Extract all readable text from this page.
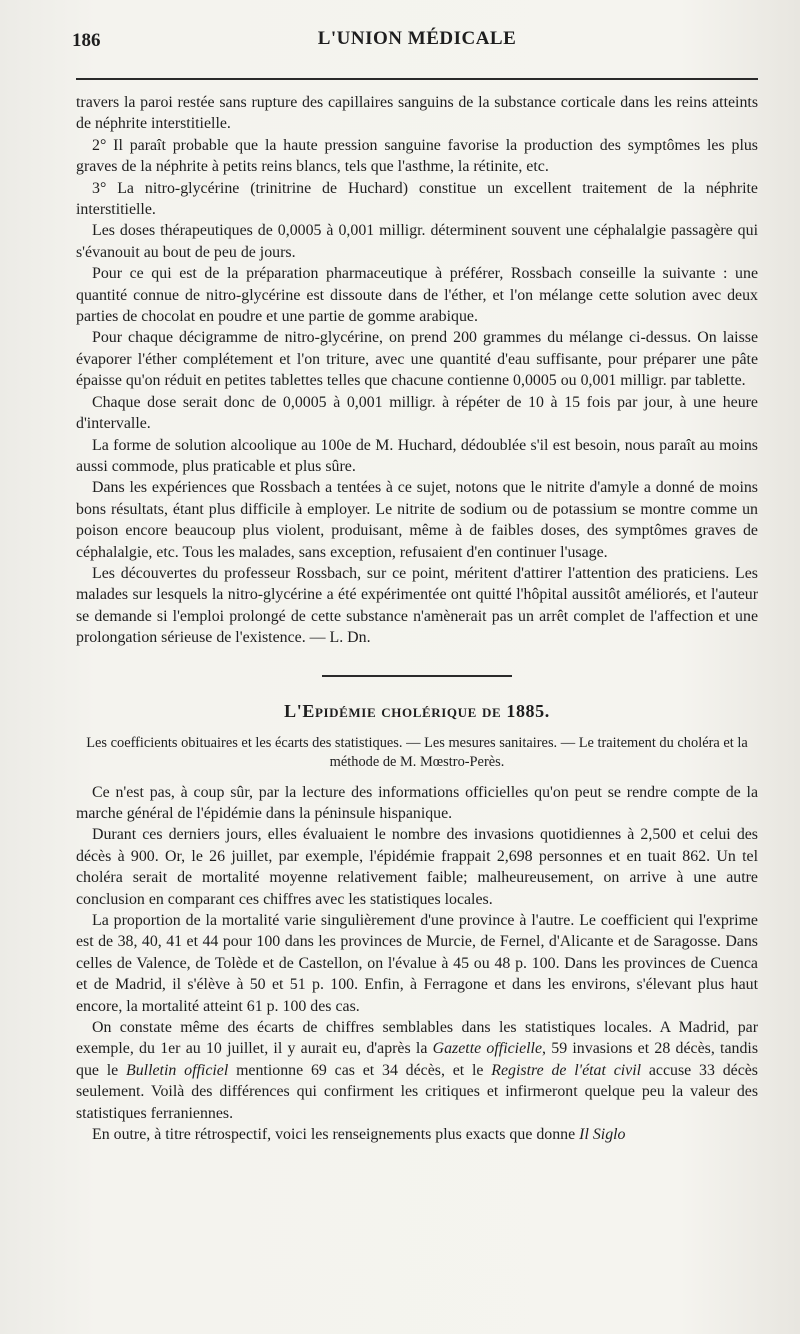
186	L'UNION MÉDICALE

travers la paroi restée sans rupture des capillaires sanguins de la substance corticale dans les reins atteints de néphrite interstitielle.

2° Il paraît probable que la haute pression sanguine favorise la production des symptômes les plus graves de la néphrite à petits reins blancs, tels que l'asthme, la rétinite, etc.

3° La nitro-glycérine (trinitrine de Huchard) constitue un excellent traitement de la néphrite interstitielle.

Les doses thérapeutiques de 0,0005 à 0,001 milligr. déterminent souvent une céphalalgie passagère qui s'évanouit au bout de peu de jours.

Pour ce qui est de la préparation pharmaceutique à préférer, Rossbach conseille la suivante : une quantité connue de nitro-glycérine est dissoute dans de l'éther, et l'on mélange cette solution avec deux parties de chocolat en poudre et une partie de gomme arabique.

Pour chaque décigramme de nitro-glycérine, on prend 200 grammes du mélange ci-dessus. On laisse évaporer l'éther complétement et l'on triture, avec une quantité d'eau suffisante, pour préparer une pâte épaisse qu'on réduit en petites tablettes telles que chacune contienne 0,0005 ou 0,001 milligr. par tablette.

Chaque dose serait donc de 0,0005 à 0,001 milligr. à répéter de 10 à 15 fois par jour, à une heure d'intervalle.

La forme de solution alcoolique au 100e de M. Huchard, dédoublée s'il est besoin, nous paraît au moins aussi commode, plus praticable et plus sûre.

Dans les expériences que Rossbach a tentées à ce sujet, notons que le nitrite d'amyle a donné de moins bons résultats, étant plus difficile à employer. Le nitrite de sodium ou de potassium se montre comme un poison encore beaucoup plus violent, produisant, même à de faibles doses, des symptômes graves de céphalalgie, etc. Tous les malades, sans exception, refusaient d'en continuer l'usage.

Les découvertes du professeur Rossbach, sur ce point, méritent d'attirer l'attention des praticiens. Les malades sur lesquels la nitro-glycérine a été expérimentée ont quitté l'hôpital aussitôt améliorés, et l'auteur se demande si l'emploi prolongé de cette substance n'amènerait pas un arrêt complet de l'affection et une prolongation sérieuse de l'existence. — L. Dn.

L'Epidémie cholérique de 1885.
Les coefficients obituaires et les écarts des statistiques. — Les mesures sanitaires. — Le traitement du choléra et la méthode de M. Mœstro-Perès.

Ce n'est pas, à coup sûr, par la lecture des informations officielles qu'on peut se rendre compte de la marche général de l'épidémie dans la péninsule hispanique.

Durant ces derniers jours, elles évaluaient le nombre des invasions quotidiennes à 2,500 et celui des décès à 900. Or, le 26 juillet, par exemple, l'épidémie frappait 2,698 personnes et en tuait 862. Un tel choléra serait de mortalité moyenne relativement faible; malheureusement, on arrive à une autre conclusion en comparant ces chiffres avec les statistiques locales.

La proportion de la mortalité varie singulièrement d'une province à l'autre. Le coefficient qui l'exprime est de 38, 40, 41 et 44 pour 100 dans les provinces de Murcie, de Fernel, d'Alicante et de Saragosse. Dans celles de Valence, de Tolède et de Castellon, on l'évalue à 45 ou 48 p. 100. Dans les provinces de Cuenca et de Madrid, il s'élève à 50 et 51 p. 100. Enfin, à Ferragone et dans les environs, s'élevant plus haut encore, la mortalité atteint 61 p. 100 des cas.

On constate même des écarts de chiffres semblables dans les statistiques locales. A Madrid, par exemple, du 1er au 10 juillet, il y aurait eu, d'après la Gazette officielle, 59 invasions et 28 décès, tandis que le Bulletin officiel mentionne 69 cas et 34 décès, et le Registre de l'état civil accuse 33 décès seulement. Voilà des différences qui confirment les critiques et infirmeront quelque peu la valeur des statistiques ferraniennes.

En outre, à titre rétrospectif, voici les renseignements plus exacts que donne Il Siglo
